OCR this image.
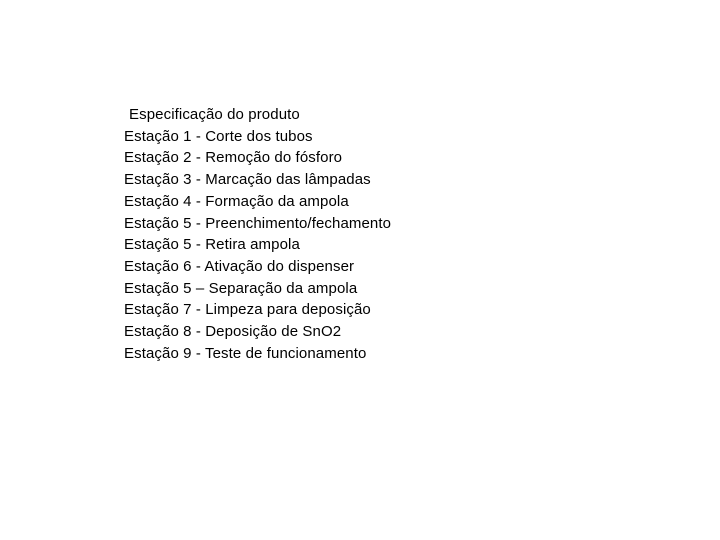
Especificação do produto
Estação 1 - Corte dos tubos
Estação 2 - Remoção do fósforo
Estação 3 - Marcação das lâmpadas
Estação 4 - Formação da ampola
Estação 5 - Preenchimento/fechamento
Estação 5 - Retira ampola
Estação 6 - Ativação do dispenser
Estação 5 – Separação da ampola
Estação 7 - Limpeza para deposição
Estação 8 - Deposição de SnO2
Estação 9 - Teste de funcionamento
